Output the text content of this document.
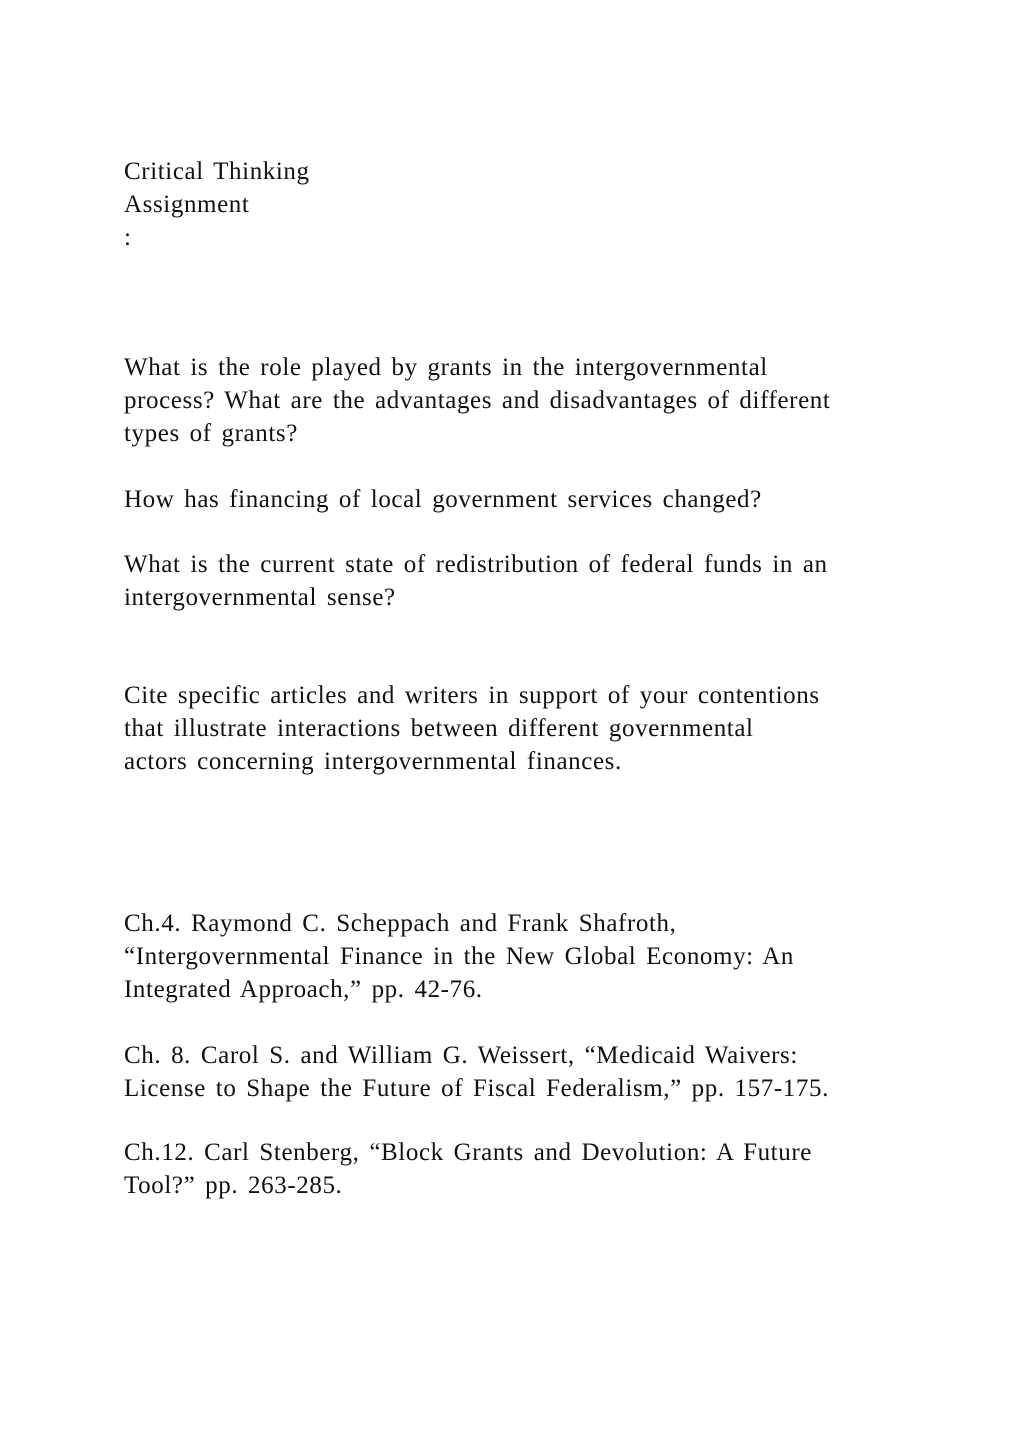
Critical Thinking
Assignment
:
What is the role played by grants in the intergovernmental
process? What are the advantages and disadvantages of different
types of grants?
How has financing of local government services changed?
What is the current state of redistribution of federal funds in an
intergovernmental sense?
Cite specific articles and writers in support of your contentions
that illustrate interactions between different governmental
actors concerning intergovernmental finances.
Ch.4. Raymond C. Scheppach and Frank Shafroth,
“Intergovernmental Finance in the New Global Economy: An
Integrated Approach,” pp. 42-76.
Ch. 8. Carol S. and William G. Weissert, “Medicaid Waivers:
License to Shape the Future of Fiscal Federalism,” pp. 157-175.
Ch.12. Carl Stenberg, “Block Grants and Devolution: A Future
Tool?” pp. 263-285.
